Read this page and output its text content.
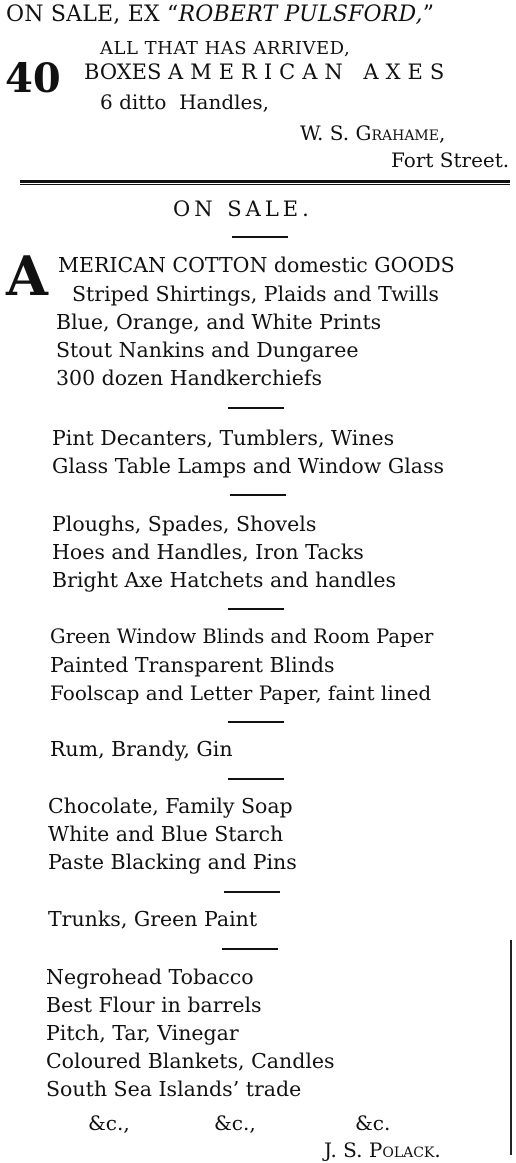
ON SALE, EX “ROBERT PULSFORD,”
ALL THAT HAS ARRIVED,
40 BOXES AMERICAN AXES
6 ditto  Handles,
W. S. Grahame,
Fort Street.
ON SALE.
A MERICAN COTTON domestic GOODS
Striped Shirtings, Plaids and Twills
Blue, Orange, and White Prints
Stout Nankins and Dungaree
300 dozen Handkerchiefs
Pint Decanters, Tumblers, Wines
Glass Table Lamps and Window Glass
Ploughs, Spades, Shovels
Hoes and Handles, Iron Tacks
Bright Axe Hatchets and handles
Green Window Blinds and Room Paper
Painted Transparent Blinds
Foolscap and Letter Paper, faint lined
Rum, Brandy, Gin
Chocolate, Family Soap
White and Blue Starch
Paste Blacking and Pins
Trunks, Green Paint
Negrohead Tobacco
Best Flour in barrels
Pitch, Tar, Vinegar
Coloured Blankets, Candles
South Sea Islands’ trade
&c.,	&c.,	&c.
J. S. Polack.
